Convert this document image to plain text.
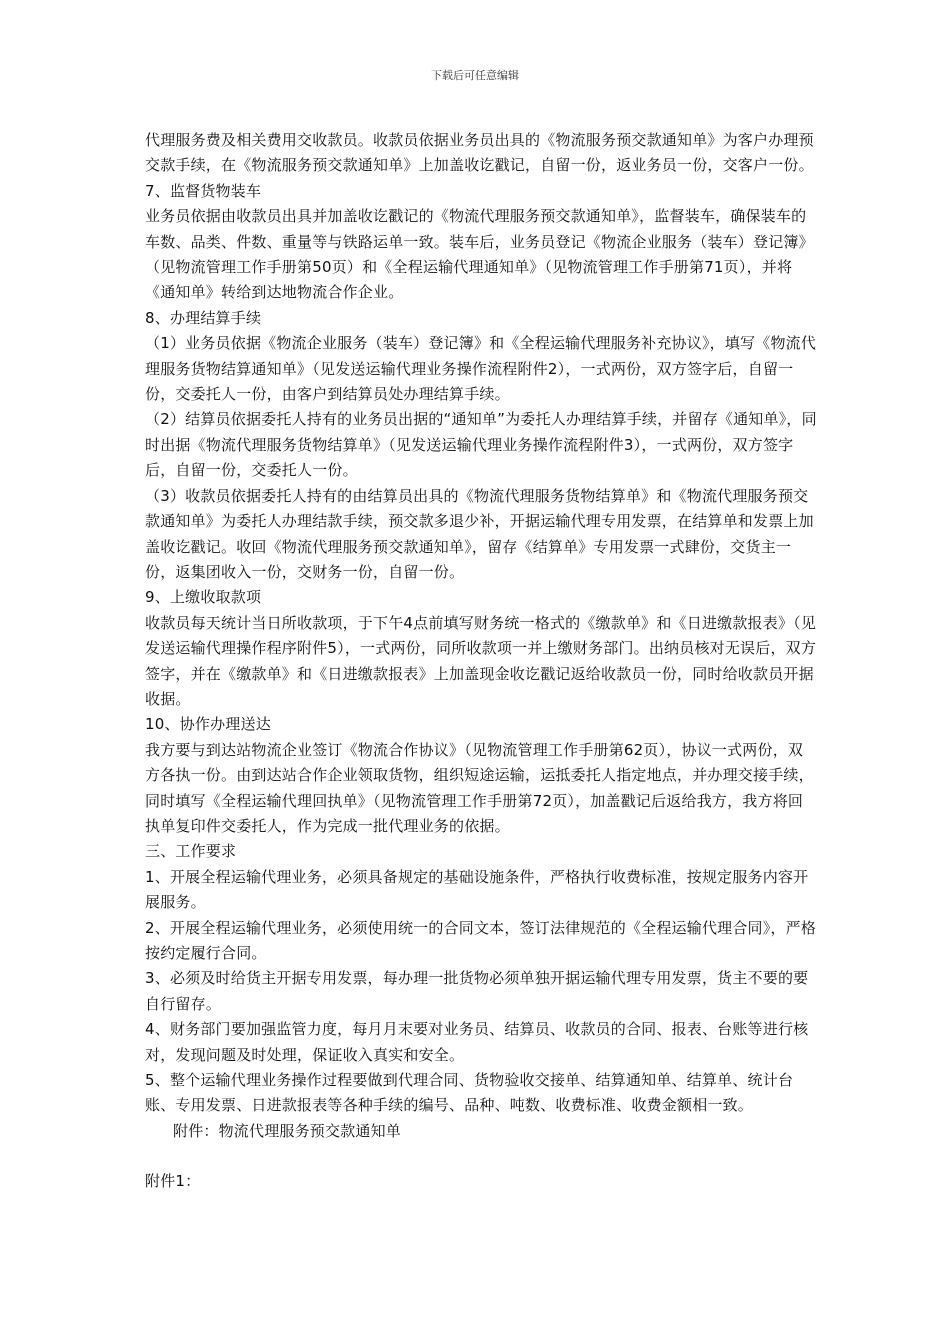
下载后可任意编辑

代理服务费及相关费用交收款员。收款员依据业务员出具的《物流服务预交款通知单》为客户办理预交款手续，在《物流服务预交款通知单》上加盖收讫戳记，自留一份，返业务员一份，交客户一份。

7、监督货物装车

业务员依据由收款员出具并加盖收讫戳记的《物流代理服务预交款通知单》，监督装车，确保装车的车数、品类、件数、重量等与铁路运单一致。装车后，业务员登记《物流企业服务（装车）登记簿》（见物流管理工作手册第50页）和《全程运输代理通知单》（见物流管理工作手册第71页），并将《通知单》转给到达地物流合作企业。

8、办理结算手续

（1）业务员依据《物流企业服务（装车）登记簿》和《全程运输代理服务补充协议》，填写《物流代理服务货物结算通知单》（见发送运输代理业务操作流程附件2），一式两份，双方签字后，自留一份，交委托人一份，由客户到结算员处办理结算手续。

（2）结算员依据委托人持有的业务员出据的“通知单”为委托人办理结算手续，并留存《通知单》，同时出据《物流代理服务货物结算单》（见发送运输代理业务操作流程附件3），一式两份，双方签字后，自留一份，交委托人一份。

（3）收款员依据委托人持有的由结算员出具的《物流代理服务货物结算单》和《物流代理服务预交款通知单》为委托人办理结款手续，预交款多退少补，开据运输代理专用发票，在结算单和发票上加盖收讫戳记。收回《物流代理服务预交款通知单》，留存《结算单》专用发票一式肆份，交货主一份，返集团收入一份，交财务一份，自留一份。

9、上缴收取款项

收款员每天统计当日所收款项，于下午4点前填写财务统一格式的《缴款单》和《日进缴款报表》（见发送运输代理操作程序附件5），一式两份，同所收款项一并上缴财务部门。出纳员核对无误后，双方签字，并在《缴款单》和《日进缴款报表》上加盖现金收讫戳记返给收款员一份，同时给收款员开据收据。

10、协作办理送达

我方要与到达站物流企业签订《物流合作协议》（见物流管理工作手册第62页），协议一式两份，双方各执一份。由到达站合作企业领取货物，组织短途运输，运抵委托人指定地点，并办理交接手续，同时填写《全程运输代理回执单》（见物流管理工作手册第72页），加盖戳记后返给我方，我方将回执单复印件交委托人，作为完成一批代理业务的依据。

三、工作要求

1、开展全程运输代理业务，必须具备规定的基础设施条件，严格执行收费标准，按规定服务内容开展服务。

2、开展全程运输代理业务，必须使用统一的合同文本，签订法律规范的《全程运输代理合同》，严格按约定履行合同。

3、必须及时给货主开据专用发票，每办理一批货物必须单独开据运输代理专用发票，货主不要的要自行留存。

4、财务部门要加强监管力度，每月月末要对业务员、结算员、收款员的合同、报表、台账等进行核对，发现问题及时处理，保证收入真实和安全。

5、整个运输代理业务操作过程要做到代理合同、货物验收交接单、结算通知单、结算单、统计台账、专用发票、日进款报表等各种手续的编号、品种、吨数、收费标准、收费金额相一致。

附件：物流代理服务预交款通知单

附件1：
